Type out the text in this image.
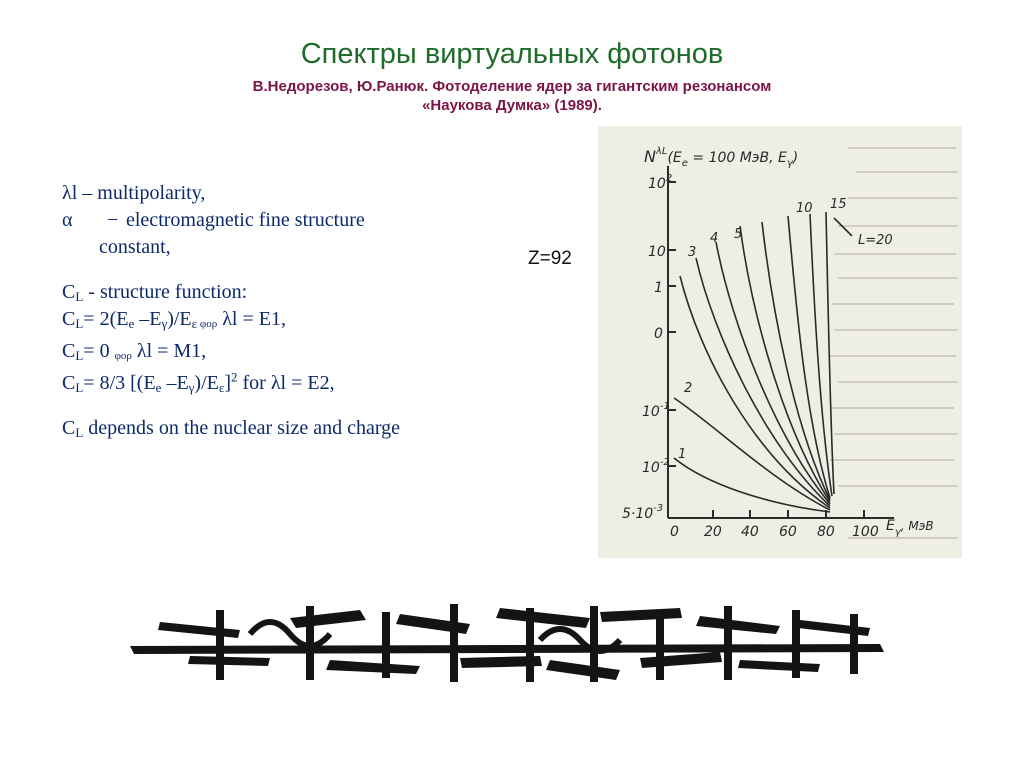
Спектры виртуальных фотонов
В.Недорезов, Ю.Ранюк. Фотоделение ядер за гигантским резонансом
«Наукова Думка» (1989).

λl – multipolarity,

α − electromagnetic fine structure

constant,

$C_L$ - structure function:

$C_L= 2(E_e$ $-E_\gamma)/E_\varepsilon$ φορ λl = E1,

$C_L= 0$ φορ λl = M1,

$C_L= 8/3$ [($E_e$ $-E_\gamma)/E_\varepsilon]^2$ for λl = E2,

$C_L$ depends on the nuclear size and charge

Z=92
$N^{\lambda L}(E_e = 100$ МэВ, $E_\gamma$)
$10^2$
10
1
0
$10^{-1}$
$10^{-2}$
$5\cdot 10^{-3}$
0 20 40 60 80 100 $E_\gamma$, МэВ
1
2
3
4 5
10 15
L=20
